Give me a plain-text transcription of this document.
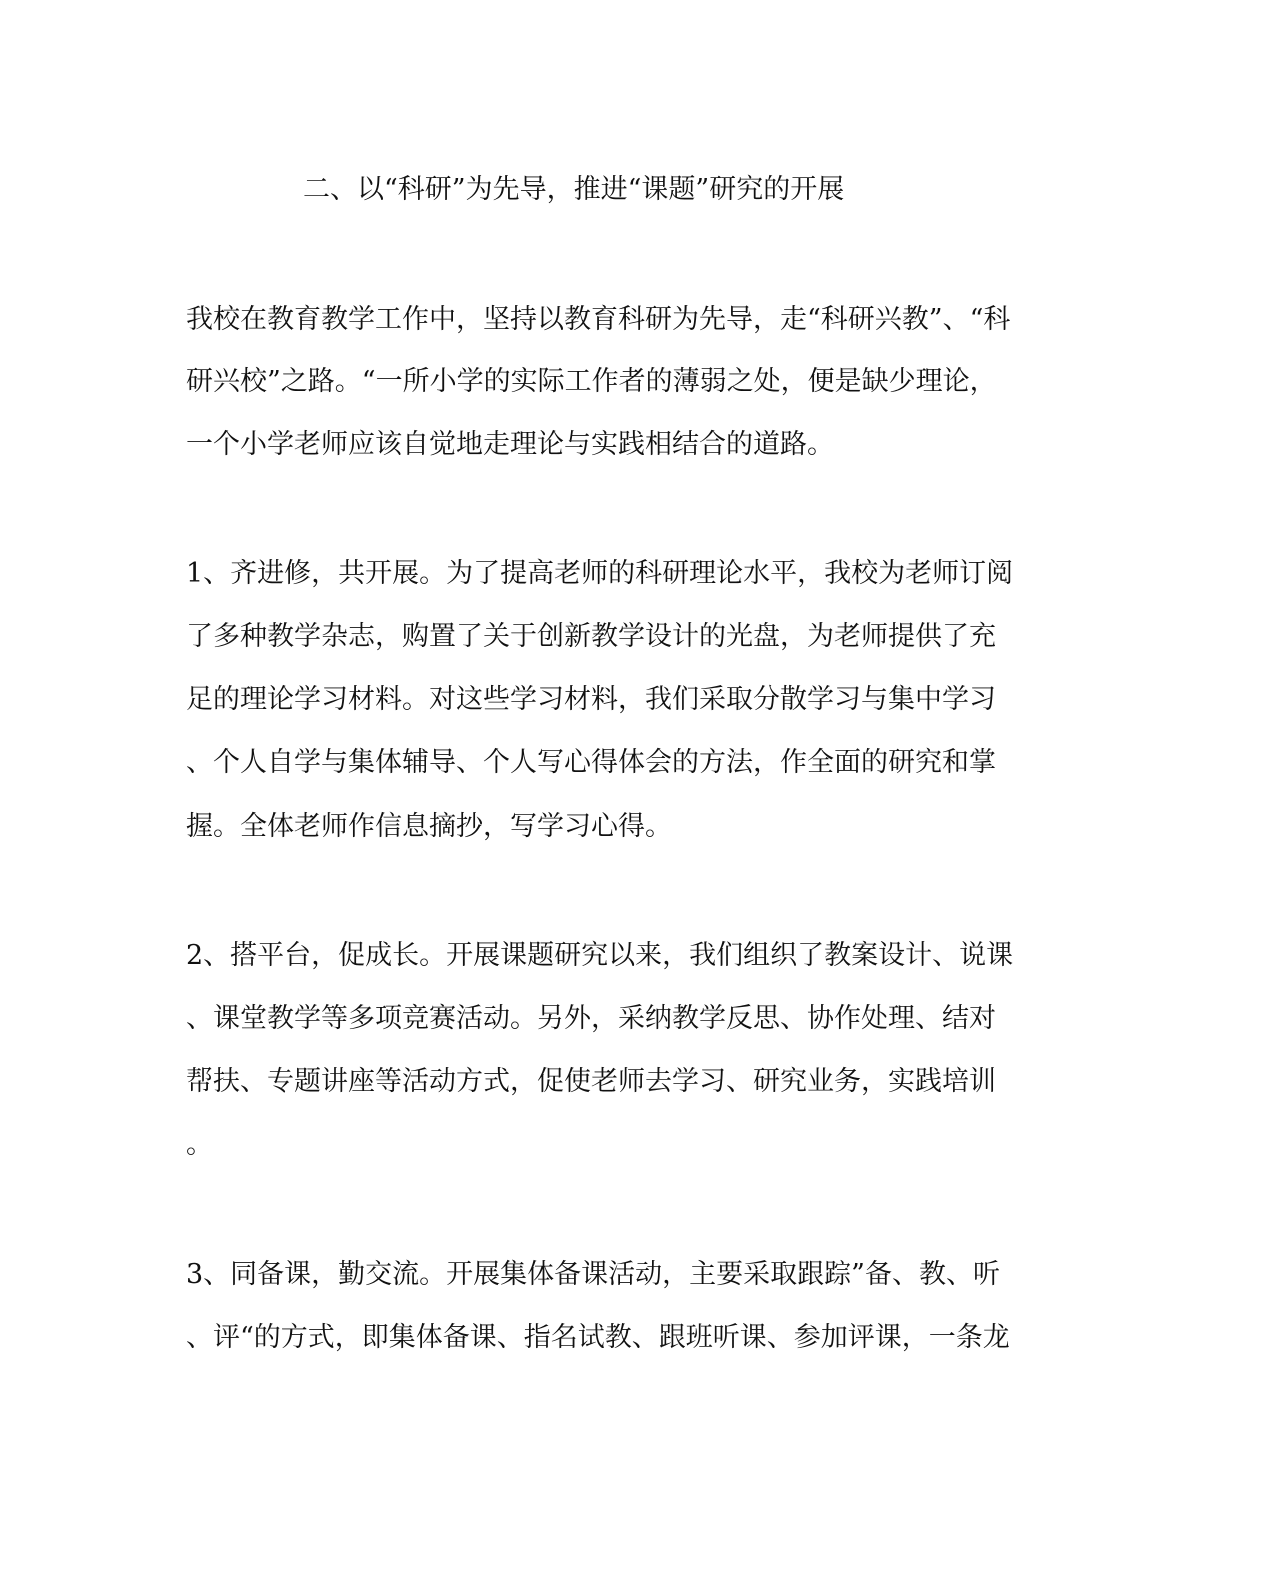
二、以“科研”为先导，推进“课题”研究的开展

我校在教育教学工作中，坚持以教育科研为先导，走“科研兴教”、“科

研兴校”之路。“一所小学的实际工作者的薄弱之处，便是缺少理论，

一个小学老师应该自觉地走理论与实践相结合的道路。

1、齐进修，共开展。为了提高老师的科研理论水平，我校为老师订阅

了多种教学杂志，购置了关于创新教学设计的光盘，为老师提供了充

足的理论学习材料。对这些学习材料，我们采取分散学习与集中学习

、个人自学与集体辅导、个人写心得体会的方法，作全面的研究和掌

握。全体老师作信息摘抄，写学习心得。

2、搭平台，促成长。开展课题研究以来，我们组织了教案设计、说课

、课堂教学等多项竞赛活动。另外，采纳教学反思、协作处理、结对

帮扶、专题讲座等活动方式，促使老师去学习、研究业务，实践培训

。

3、同备课，勤交流。开展集体备课活动，主要采取跟踪”备、教、听

、评“的方式，即集体备课、指名试教、跟班听课、参加评课，一条龙
